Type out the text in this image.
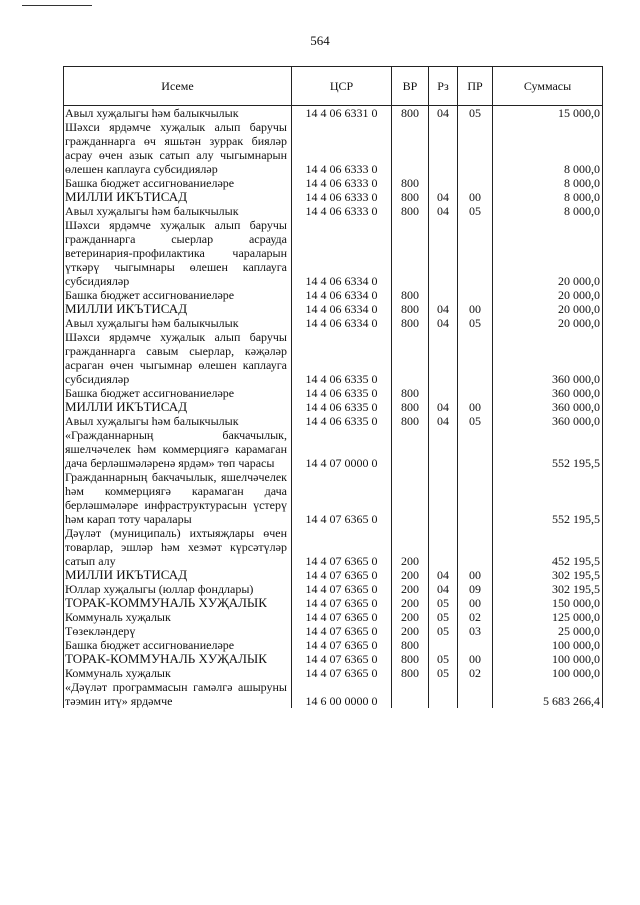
564
Исеме	ЦСР	ВР	Рз	ПР	Суммасы
Авыл хуҗалыгы һәм балыкчылык	14 4 06 6331 0	800	04	05	15 000,0
Шәхси ярдәмче хуҗалык алып баручы гражданнарга өч яшьтән зуррак бияләр асрау өчен азык сатып алу чыгымнарын өлешен каплауга субсидияләр	14 4 06 6333 0				8 000,0
Башка бюджет ассигнованиеләре	14 4 06 6333 0	800			8 000,0
МИЛЛИ ИКЪТИСАД	14 4 06 6333 0	800	04	00	8 000,0
Авыл хуҗалыгы һәм балыкчылык	14 4 06 6333 0	800	04	05	8 000,0
Шәхси ярдәмче хуҗалык алып баручы гражданнарга сыерлар асрауда ветеринария-профилактика чараларын үткәрү чыгымнары өлешен каплауга субсидияләр	14 4 06 6334 0				20 000,0
Башка бюджет ассигнованиеләре	14 4 06 6334 0	800			20 000,0
МИЛЛИ ИКЪТИСАД	14 4 06 6334 0	800	04	00	20 000,0
Авыл хуҗалыгы һәм балыкчылык	14 4 06 6334 0	800	04	05	20 000,0
Шәхси ярдәмче хуҗалык алып баручы гражданнарга савым сыерлар, кәҗәләр асраган өчен чыгымнар өлешен каплауга субсидияләр	14 4 06 6335 0				360 000,0
Башка бюджет ассигнованиеләре	14 4 06 6335 0	800			360 000,0
МИЛЛИ ИКЪТИСАД	14 4 06 6335 0	800	04	00	360 000,0
Авыл хуҗалыгы һәм балыкчылык	14 4 06 6335 0	800	04	05	360 000,0
«Гражданнарның бакчачылык, яшелчәчелек һәм коммерциягә карамаган дача берләшмәләренә ярдәм» төп чарасы	14 4 07 0000 0				552 195,5
Гражданнарның бакчачылык, яшелчәчелек һәм коммерциягә карамаган дача берләшмәләре инфраструктурасын үстерү һәм карап тоту чаралары	14 4 07 6365 0				552 195,5
Дәүләт (муниципаль) ихтыяҗлары өчен товарлар, эшләр һәм хезмәт күрсәтүләр сатып алу	14 4 07 6365 0	200			452 195,5
МИЛЛИ ИКЪТИСАД	14 4 07 6365 0	200	04	00	302 195,5
Юллар хуҗалыгы (юллар фондлары)	14 4 07 6365 0	200	04	09	302 195,5
ТОРАК-КОММУНАЛЬ ХУҖАЛЫК	14 4 07 6365 0	200	05	00	150 000,0
Коммуналь хуҗалык	14 4 07 6365 0	200	05	02	125 000,0
Төзекләндерү	14 4 07 6365 0	200	05	03	25 000,0
Башка бюджет ассигнованиеләре	14 4 07 6365 0	800			100 000,0
ТОРАК-КОММУНАЛЬ ХУҖАЛЫК	14 4 07 6365 0	800	05	00	100 000,0
Коммуналь хуҗалык	14 4 07 6365 0	800	05	02	100 000,0
«Дәүләт программасын гамәлгә ашыруны тәэмин итү» ярдәмче	14 6 00 0000 0				5 683 266,4
